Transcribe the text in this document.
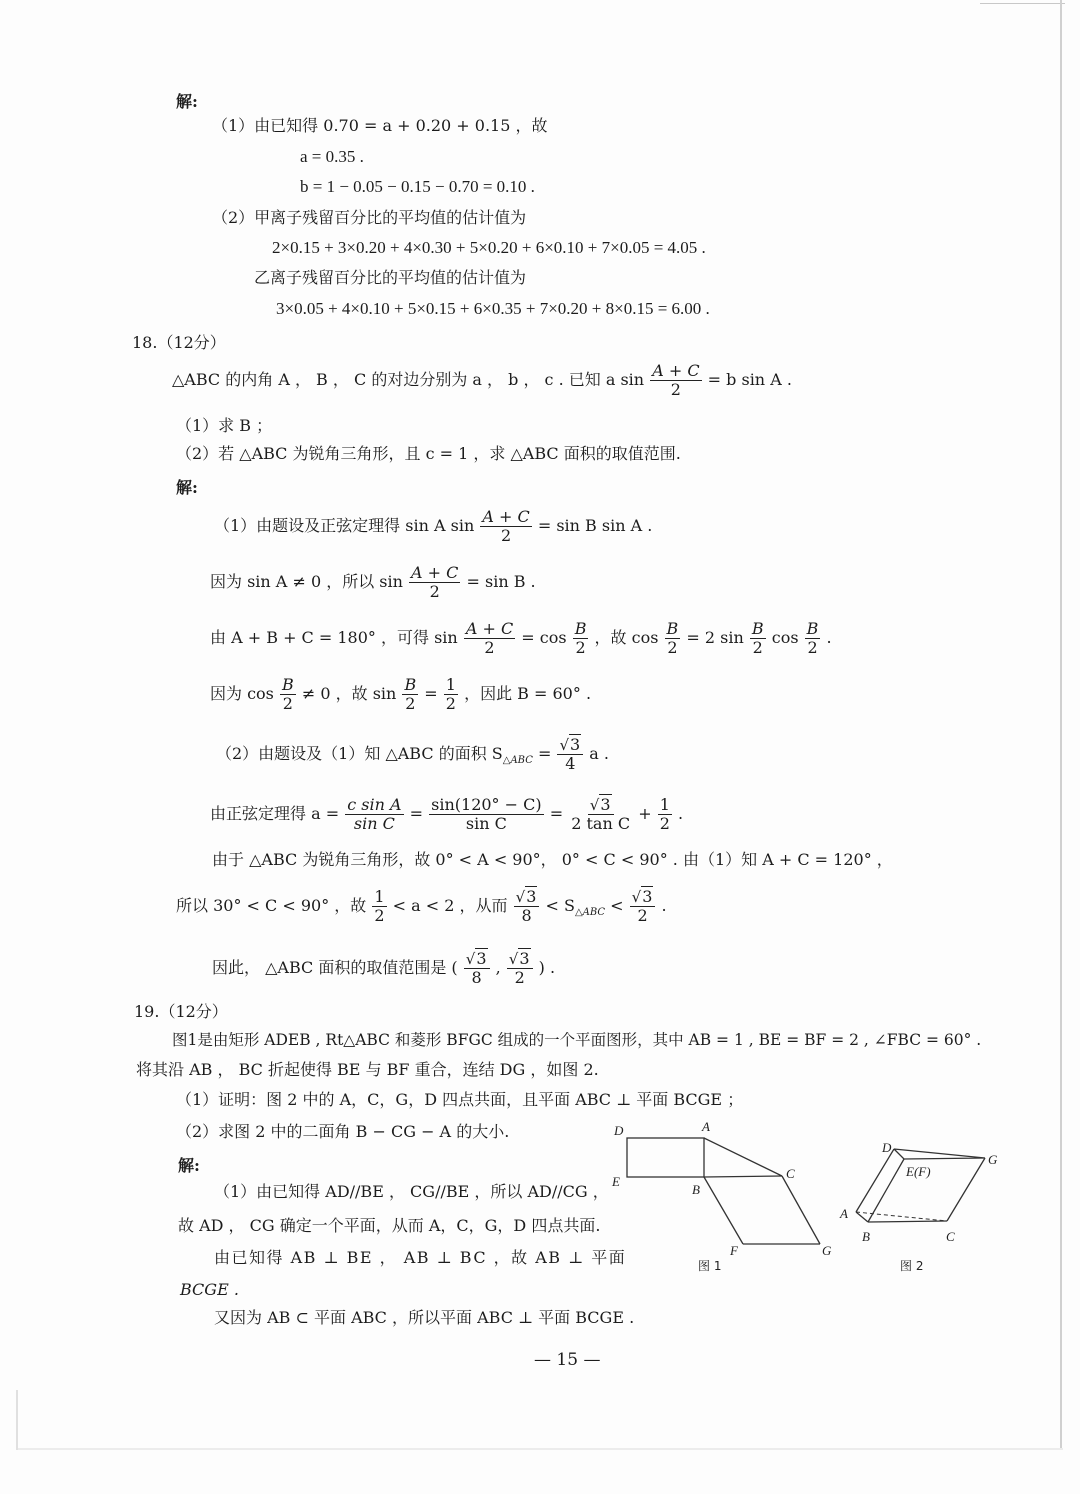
解:
（1）由已知得 0.70 = a + 0.20 + 0.15 ，故
a = 0.35 .
b = 1 − 0.05 − 0.15 − 0.70 = 0.10 .
（2）甲离子残留百分比的平均值的估计值为
2×0.15 + 3×0.20 + 4×0.30 + 5×0.20 + 6×0.10 + 7×0.05 = 4.05 .
乙离子残留百分比的平均值的估计值为
3×0.05 + 4×0.10 + 5×0.15 + 6×0.35 + 7×0.20 + 8×0.15 = 6.00 .
18.（12分）
△ABC 的内角 A ， B ， C 的对边分别为 a ， b ， c . 已知 a $\sin \frac{A + C}{2} = b$ sin A .
（1）求 B ；
（2）若 △ABC 为锐角三角形，且 c = 1 ，求 △ABC 面积的取值范围.
解:
（1）由题设及正弦定理得 sin A $\sin \frac{A + C}{2} = \sin B$ sin A .
因为 sin A ≠ 0 ，所以 $\sin \frac{A + C}{2} = \sin B$ .
由 A + B + C = 180° ，可得 $\sin \frac{A + C}{2} = \cos \frac{B}{2}$ ，故 $\cos \frac{B}{2} = 2$ $\sin \frac{B}{2}$ $\cos \frac{B}{2}$ .
因为 $\cos \frac{B}{2} \ne 0$ ，故 $\sin \frac{B}{2} = \frac{1}{2}$ ，因此 B = 60° .
（2）由题设及（1）知 △ABC 的面积 $S_{\triangle ABC} = \frac{√3}{4}$ a .
由正弦定理得 $a = \frac{\text{c sin A}}{\text{sin C}} = \frac{\sin(120^\circ - C)}{\text{sin C}} = \frac{√3}{\text{2 tan C}} + \frac{1}{2}$ .
由于 △ABC 为锐角三角形，故 0° < A < 90°， 0° < C < 90° . 由（1）知 A + C = 120° ，
所以 30° < C < 90° ，故 $\frac{1}{2} < a < 2$ ，从而 $\frac{√3}{8} < S_{\triangle ABC} < \frac{√3}{2}$ .
因此， △ABC 面积的取值范围是 ( $\frac{√3}{8}$ , $\frac{√3}{2}$ ) .
19.（12分）
图1是由矩形 ADEB , Rt△ABC 和菱形 BFGC 组成的一个平面图形，其中 AB = 1 , BE = BF = 2 , ∠FBC = 60° .
将其沿 AB ， BC 折起使得 BE 与 BF 重合，连结 DG ，如图 2.
（1）证明：图 2 中的 A，C，G，D 四点共面，且平面 ABC ⊥ 平面 BCGE ；
（2）求图 2 中的二面角 B − CG − A 的大小.
解:
（1）由已知得 AD//BE ， CG//BE ，所以 AD//CG ，
故 AD ， CG 确定一个平面，从而 A，C，G，D 四点共面.
由已知得 AB ⊥ BE ， AB ⊥ BC ，故 AB ⊥ 平面
BCGE .
又因为 AB ⊂ 平面 ABC ，所以平面 ABC ⊥ 平面 BCGE .
D	A
E
B
C
F	G
图 1
D
E(F)
G
A
B	C
图 2
— 15 —
